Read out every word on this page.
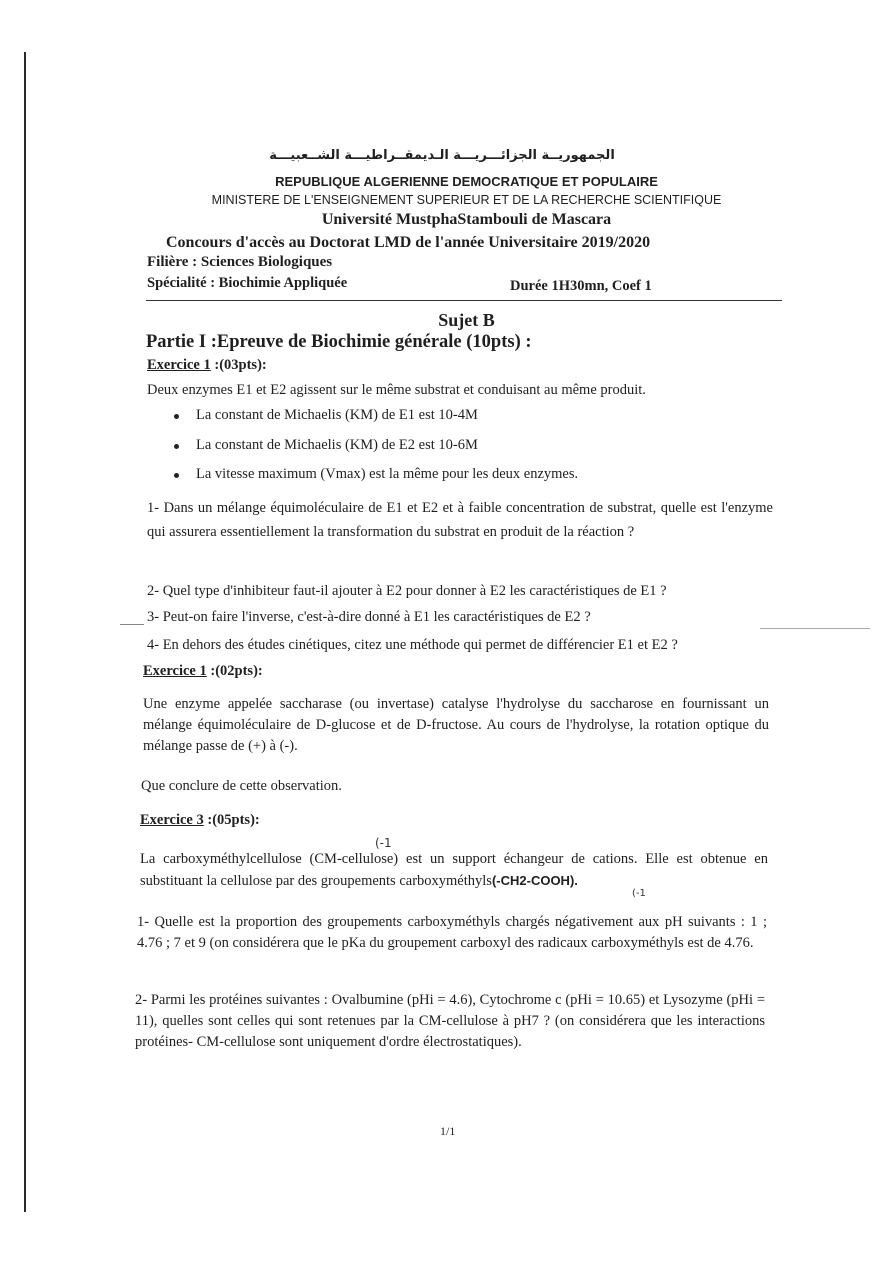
الجمهوريــة الجزائـــريـــة الـديمقــراطيـــة الشــعبيـــة
REPUBLIQUE ALGERIENNE DEMOCRATIQUE ET POPULAIRE
MINISTERE DE L'ENSEIGNEMENT SUPERIEUR ET DE LA RECHERCHE SCIENTIFIQUE
Université MustphaStambouli de Mascara
Concours d'accès au Doctorat LMD de l'année Universitaire 2019/2020
Filière : Sciences Biologiques
Spécialité : Biochimie Appliquée	Durée 1H30mn, Coef 1
Sujet B
Partie I :Epreuve de Biochimie générale (10pts) :
Exercice 1 :(03pts):
Deux enzymes E1 et E2 agissent sur le même substrat et conduisant au même produit.
La constant de Michaelis (KM) de E1 est 10-4M
La constant de Michaelis (KM) de E2 est 10-6M
La vitesse maximum (Vmax) est la même pour les deux enzymes.
1- Dans un mélange équimoléculaire de E1 et E2 et à faible concentration de substrat, quelle est l'enzyme qui assurera essentiellement la transformation du substrat en produit de la réaction ?
2- Quel type d'inhibiteur faut-il ajouter à E2 pour donner à E2 les caractéristiques de E1 ?
3- Peut-on faire l'inverse, c'est-à-dire donné à E1 les caractéristiques de E2 ?
4- En dehors des études cinétiques, citez une méthode qui permet de différencier E1 et E2 ?
Exercice 1 :(02pts):
Une enzyme appelée saccharase (ou invertase) catalyse l'hydrolyse du saccharose en fournissant un mélange équimoléculaire de D-glucose et de D-fructose. Au cours de l'hydrolyse, la rotation optique du mélange passe de (+) à (-).
Que conclure de cette observation.
Exercice 3 :(05pts):
(-1
La carboxyméthylcellulose (CM-cellulose) est un support échangeur de cations. Elle est obtenue en substituant la cellulose par des groupements carboxyméthyls(-CH2-COOH).
(-1
1- Quelle est la proportion des groupements carboxyméthyls chargés négativement aux pH suivants : 1 ; 4.76 ; 7 et 9 (on considérera que le pKa du groupement carboxyl des radicaux carboxyméthyls est de 4.76.
2- Parmi les protéines suivantes : Ovalbumine (pHi = 4.6), Cytochrome c (pHi = 10.65) et Lysozyme (pHi = 11), quelles sont celles qui sont retenues par la CM-cellulose à pH7 ? (on considérera que les interactions protéines- CM-cellulose sont uniquement d'ordre électrostatiques).
1/1
